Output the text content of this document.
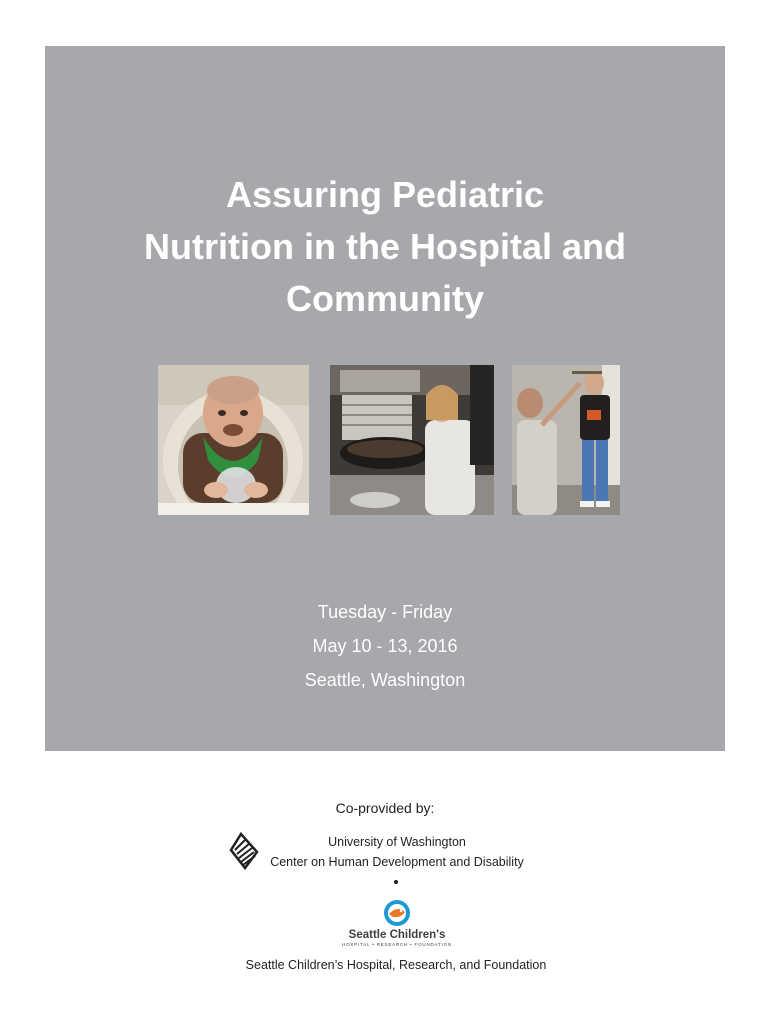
Assuring Pediatric
Nutrition in the Hospital and
Community
Tuesday - Friday
May 10 - 13, 2016
Seattle, Washington
Co-provided by:
University of Washington
Center on Human Development and Disability
Seattle Children's
HOSPITAL • RESEARCH • FOUNDATION
Seattle Children’s Hospital, Research, and Foundation
